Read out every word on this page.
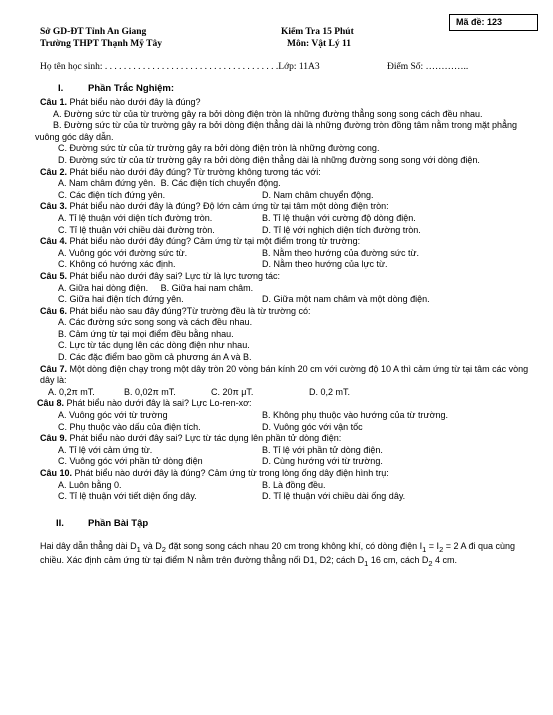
Mã đề: 123
Sở GD-ĐT Tỉnh An Giang
Trường THPT Thạnh Mỹ Tây
Kiểm Tra 15 Phút
Môn: Vật Lý 11
Họ tên học sinh: . . . . . . . . . . . . . . . . . . . . . . . . . . . . . . . . . . . . .Lớp: 11A3	Điểm Số: …………..
I.	Phần Trắc Nghiệm:

Câu 1. Phát biểu nào dưới đây là đúng?

A. Đường sức từ của từ trường gây ra bởi dòng điện tròn là những đường thẳng song song cách đều nhau.

B. Đường sức từ của từ trường gây ra bởi dòng điện thẳng dài là những đường tròn đồng tâm nằm trong mặt phẳng vuông góc dây dẫn.

C. Đường sức từ của từ trường gây ra bởi dòng điện tròn là những đường cong.

D. Đường sức từ của từ trường gây ra bởi dòng điện thẳng dài là những đường song song với dòng điện.

Câu 2. Phát biểu nào dưới đây đúng? Từ trường không tương tác với:

A. Nam châm đứng yên. B. Các điện tích chuyển động.

C. Các điện tích đứng yên.	D. Nam châm chuyển động.

Câu 3. Phát biểu nào dưới đây là đúng? Độ lớn cảm ứng từ tại tâm một dòng điện tròn:

A. Tỉ lệ thuận với diện tích đường tròn.	B. Tỉ lệ thuận với cường độ dòng điện.
C. Tỉ lệ thuận với chiều dài đường tròn.	D. Tỉ lệ với nghịch diện tích đường tròn.

Câu 4. Phát biểu nào dưới đây đúng? Cảm ứng từ tại một điểm trong từ trường:

A. Vuông góc với đường sức từ.	B. Nằm theo hướng của đường sức từ.
C. Không có hướng xác định.	D. Nằm theo hướng của lực từ.

Câu 5. Phát biểu nào dưới đây sai? Lực từ là lực tương tác:

A. Giữa hai dòng điện. B. Giữa hai nam châm.

C. Giữa hai điện tích đứng yên.	D. Giữa một nam châm và một dòng điện.

Câu 6. Phát biểu nào sau đây đúng?Từ trường đều là từ trường có:

A. Các đường sức song song và cách đều nhau.

B. Cảm ứng từ tại mọi điểm đều bằng nhau.

C. Lực từ tác dụng lên các dòng điện như nhau.

D. Các đặc điểm bao gồm cả phương án A và B.

Câu 7. Một dòng điện chạy trong một dây tròn 20 vòng bán kính 20 cm với cường độ 10 A thì cảm ứng từ tại tâm các vòng dây là:

A. 0,2π mT.	B. 0,02π mT.	C. 20π μT.	D. 0,2 mT.

Câu 8. Phát biểu nào dưới đây là sai? Lực Lo-ren-xơ:

A. Vuông góc với từ trường	B. Không phụ thuộc vào hướng của từ trường.
C. Phụ thuộc vào dấu của điện tích.	D. Vuông góc với vận tốc

Câu 9. Phát biểu nào dưới đây sai? Lực từ tác dụng lên phần tử dòng điện:

A. Tỉ lệ với cảm ứng từ.	B. Tỉ lệ với phần tử dòng điện.
C. Vuông góc với phần tử dòng điện	D. Cùng hướng với từ trường.

Câu 10. Phát biểu nào dưới đây là đúng? Cảm ứng từ trong lòng ống dây điện hình trụ:

A. Luôn bằng 0.	B. Là đồng đều.
C. Tỉ lệ thuận với tiết diện ống dây.	D. Tỉ lệ thuận với chiều dài ống dây.
II.	Phần Bài Tập
Hai dây dẫn thẳng dài $D_1$ và $D_2$ đặt song song cách nhau 20 cm trong không khí, có dòng điện $I_1 = I_2 = 2$ A đi qua cùng chiều. Xác định cảm ứng từ tại điểm N nằm trên đường thẳng nối D1, D2; cách $D_1$ 16 cm, cách $D_2$ 4 cm.
